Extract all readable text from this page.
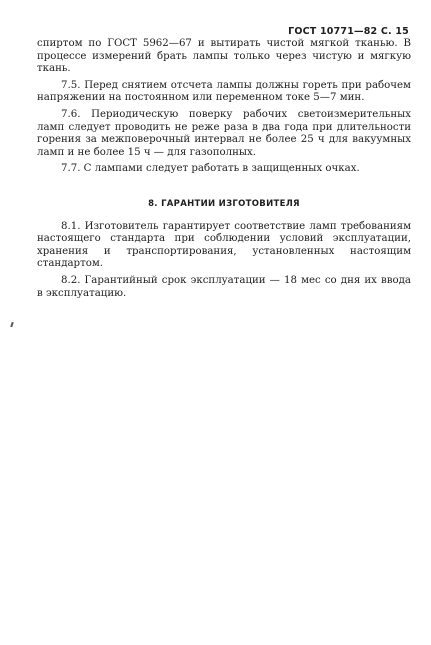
ГОСТ 10771—82 С. 15

спиртом по ГОСТ 5962—67 и вытирать чистой мягкой тканью. В процессе измерений брать лампы только через чистую и мягкую ткань.

7.5. Перед снятием отсчета лампы должны гореть при рабочем напряжении на постоянном или переменном токе 5—7 мин.

7.6. Периодическую поверку рабочих светоизмерительных ламп следует проводить не реже раза в два года при длительности горения за межповерочный интервал не более 25 ч для вакуумных ламп и не более 15 ч — для газополных.

7.7. С лампами следует работать в защищенных очках.

8. ГАРАНТИИ ИЗГОТОВИТЕЛЯ

8.1. Изготовитель гарантирует соответствие ламп требованиям настоящего стандарта при соблюдении условий эксплуатации, хранения и транспортирования, установленных настоящим стандартом.

8.2. Гарантийный срок эксплуатации — 18 мес со дня их ввода в эксплуатацию.
